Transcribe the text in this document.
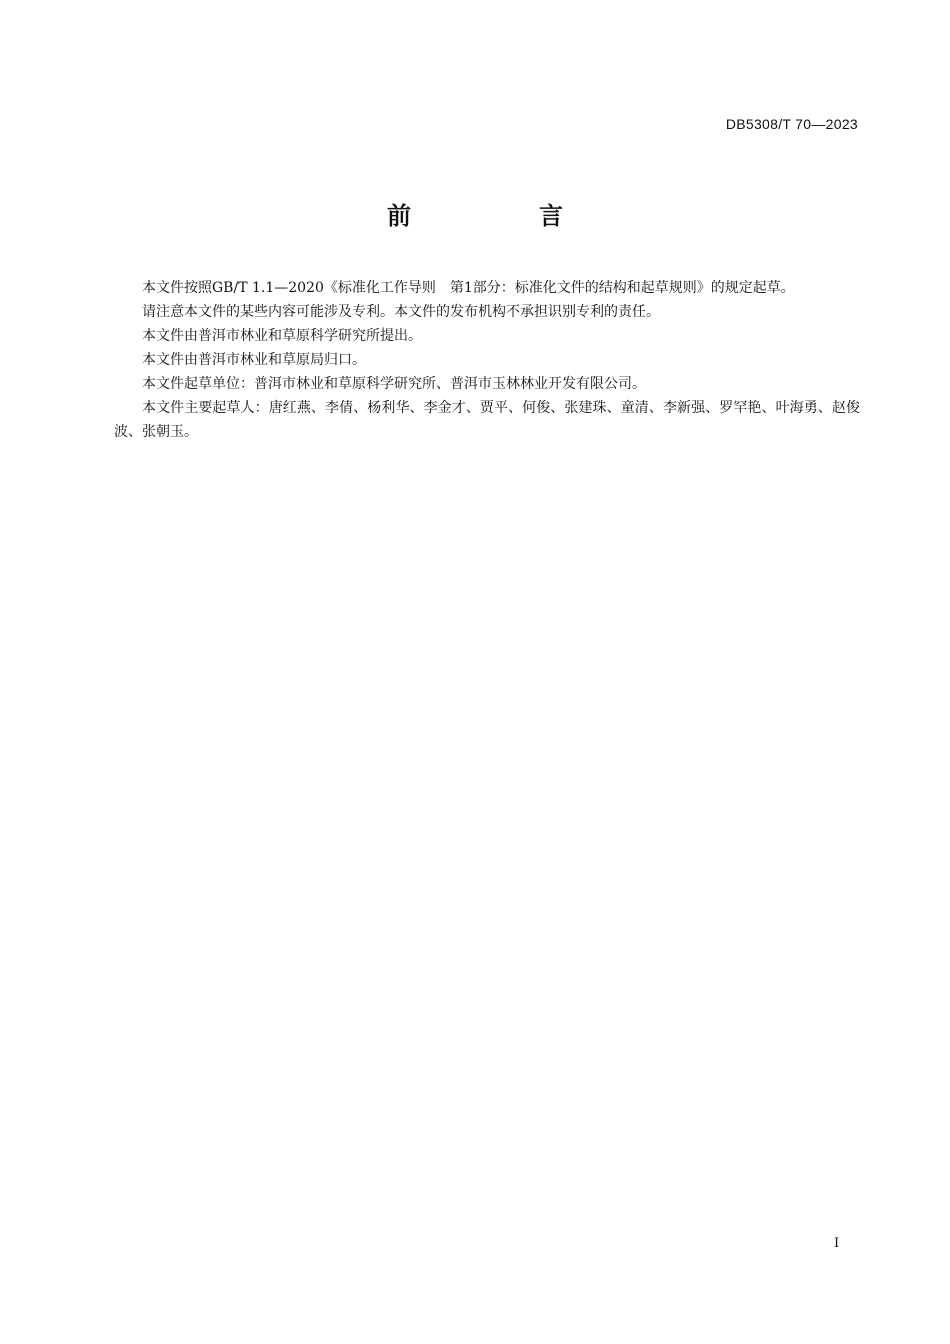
DB5308/T 70—2023
前　言

本文件按照GB/T 1.1—2020《标准化工作导则　第1部分：标准化文件的结构和起草规则》的规定起草。

请注意本文件的某些内容可能涉及专利。本文件的发布机构不承担识别专利的责任。

本文件由普洱市林业和草原科学研究所提出。

本文件由普洱市林业和草原局归口。

本文件起草单位：普洱市林业和草原科学研究所、普洱市玉林林业开发有限公司。

本文件主要起草人：唐红燕、李倩、杨利华、李金才、贾平、何俊、张建珠、童清、李新强、罗罕艳、叶海勇、赵俊波、张朝玉。

I
